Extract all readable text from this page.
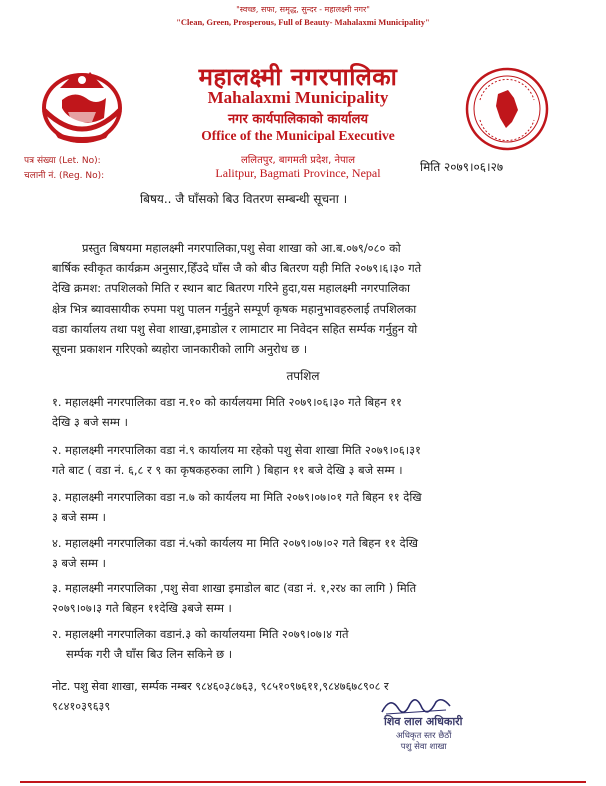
"स्वच्छ, सफा, समृद्ध, सुन्दर - महालक्ष्मी नगर"
"Clean, Green, Prosperous, Full of Beauty- Mahalaxmi Municipality"
महालक्ष्मी नगरपालिका
Mahalaxmi Municipality
नगर कार्यपालिकाको कार्यालय
Office of the Municipal Executive
ललितपुर, बागमती प्रदेश, नेपाल
Lalitpur, Bagmati Province, Nepal
पत्र संख्या (Let. No):
चलानी नं. (Reg. No):
मिति २०७९।०६।२७
बिषय.. जै घाँसको बिउ वितरण सम्बन्धी सूचना ।
प्रस्तुत बिषयमा महालक्ष्मी नगरपालिका,पशु सेवा शाखा को आ.ब.०७९/०८० को
बार्षिक स्वीकृत कार्यक्रम अनुसार,हिँउदे घाँस जै को बीउ बितरण यही मिति २०७९।६।३० गते
देखि क्रमश: तपशिलको मिति र स्थान बाट बितरण गरिने हुदा,यस महालक्ष्मी नगरपालिका
क्षेत्र भित्र ब्यावसायीक रुपमा पशु पालन गर्नुहुने सम्पूर्ण कृषक महानुभावहरुलाई तपशिलका
वडा कार्यालय तथा पशु सेवा शाखा,इमाडोल र लामाटार मा निवेदन सहित सर्म्पक गर्नुहुन यो
सूचना प्रकाशन गरिएको ब्यहोरा जानकारीको लागि अनुरोध छ ।
तपशिल
१. महालक्ष्मी नगरपालिका वडा न.१० को कार्यलयमा मिति २०७९।०६।३० गते बिहन ११
देखि ३ बजे सम्म ।
२. महालक्ष्मी नगरपालिका वडा नं.९ कार्यालय मा रहेको पशु सेवा शाखा मिति २०७९।०६।३१
गते बाट ( वडा नं. ६,८ र ९ का कृषकहरुका लागि ) बिहान ११ बजे देखि ३ बजे सम्म ।
३. महालक्ष्मी नगरपालिका वडा न.७ को कार्यलय मा मिति २०७९।०७।०१ गते बिहन ११ देखि
३ बजे सम्म ।
४. महालक्ष्मी नगरपालिका वडा नं.५को कार्यलय मा मिति २०७९।०७।०२ गते बिहन ११ देखि
३ बजे सम्म ।
३. महालक्ष्मी नगरपालिका ,पशु सेवा शाखा इमाडोल बाट (वडा नं. १,२र४ का लागि ) मिति
२०७९।०७।३ गते बिहन ११देखि ३बजे सम्म ।
२. महालक्ष्मी नगरपालिका वडानं.३ को कार्यालयमा मिति २०७९।०७।४ गते
सर्म्पक गरी जै घाँस बिउ लिन सकिने छ ।
नोट. पशु सेवा शाखा, सर्म्पक नम्बर ९८४६०३८७६३, ९८५१०९७६११,९८४७६७८९०८ र
९८४१०३९६३९
शिव लाल अधिकारी
अधिकृत स्तर छैठौं
पशु सेवा शाखा
